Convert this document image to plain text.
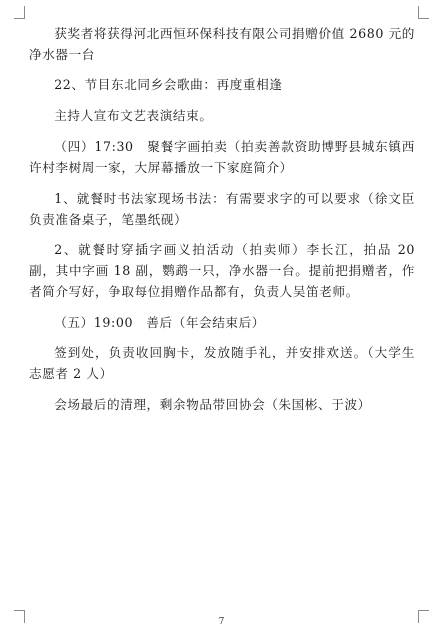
获奖者将获得河北西恒环保科技有限公司捐赠价值 2680 元的净水器一台

22、节目东北同乡会歌曲：再度重相逢

主持人宣布文艺表演结束。

（四）17:30　聚餐字画拍卖（拍卖善款资助博野县城东镇西许村李树周一家，大屏幕播放一下家庭简介）

1、就餐时书法家现场书法：有需要求字的可以要求（徐文臣负责准备桌子，笔墨纸砚）

2、就餐时穿插字画义拍活动（拍卖师）李长江，拍品 20 副，其中字画 18 副，鹦鹉一只，净水器一台。提前把捐赠者，作者简介写好，争取每位捐赠作品都有，负责人吴笛老师。

（五）19:00　善后（年会结束后）

签到处，负责收回胸卡，发放随手礼，并安排欢送。（大学生志愿者 2 人）

会场最后的清理，剩余物品带回协会（朱国彬、于波）

7
